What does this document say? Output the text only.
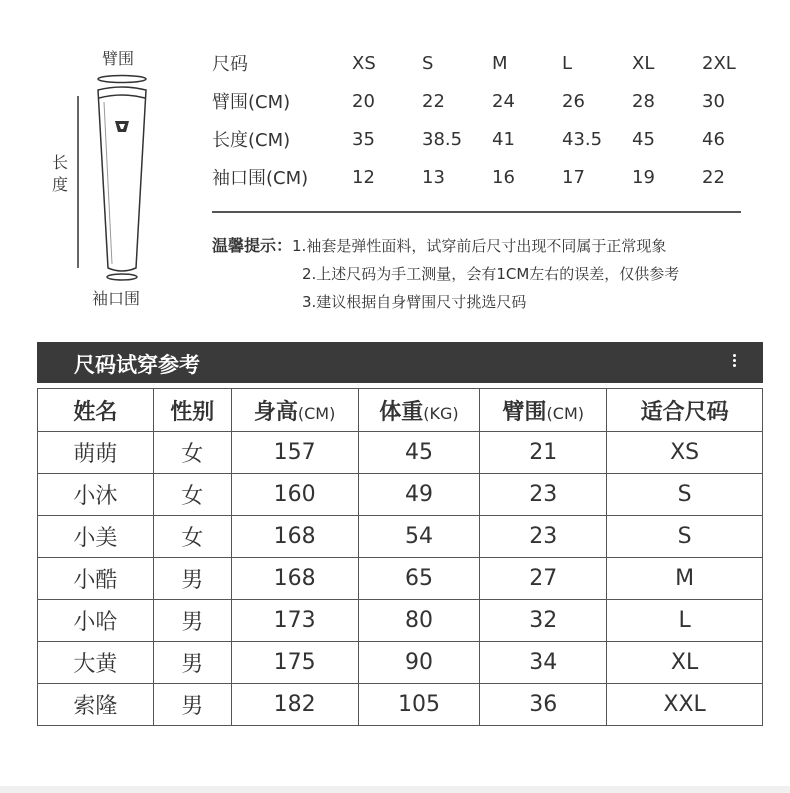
臂围
长度
袖口围
尺码	XS	S	M	L	XL	2XL
臂围(CM)	20	22	24	26	28	30
长度(CM)	35	38.5	41	43.5	45	46
袖口围(CM)	12	13	16	17	19	22
温馨提示：1.袖套是弹性面料，试穿前后尺寸出现不同属于正常现象
2.上述尺码为手工测量，会有1CM左右的误差，仅供参考
3.建议根据自身臂围尺寸挑选尺码
尺码试穿参考
姓名	性别	身高(CM)	体重(KG)	臂围(CM)	适合尺码
萌萌	女	157	45	21	XS
小沐	女	160	49	23	S
小美	女	168	54	23	S
小酷	男	168	65	27	M
小哈	男	173	80	32	L
大黄	男	175	90	34	XL
索隆	男	182	105	36	XXL
